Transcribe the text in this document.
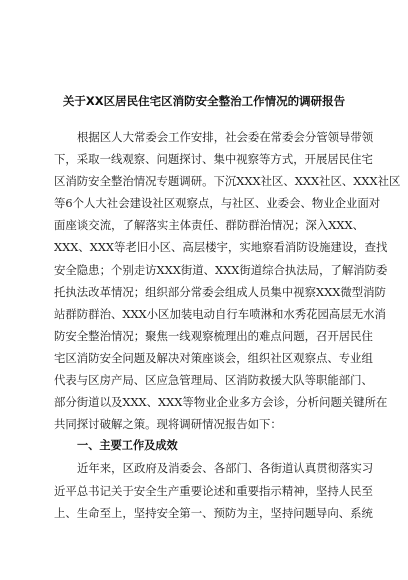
关于XX区居民住宅区消防安全整治工作情况的调研报告
根据区人大常委会工作安排，社会委在常委会分管领导带领
下，采取一线观察、问题探讨、集中视察等方式，开展居民住宅
区消防安全整治情况专题调研。下沉XXX社区、XXX社区、XXX社区
等6个人大社会建设社区观察点，与社区、业委会、物业企业面对
面座谈交流，了解落实主体责任、群防群治情况；深入XXX、
XXX、XXX等老旧小区、高层楼宇，实地察看消防设施建设，查找
安全隐患；个别走访XXX街道、XXX街道综合执法局，了解消防委
托执法改革情况；组织部分常委会组成人员集中视察XXX微型消防
站群防群治、XXX小区加装电动自行车喷淋和水秀花园高层无水消
防安全整治情况；聚焦一线观察梳理出的难点问题，召开居民住
宅区消防安全问题及解决对策座谈会，组织社区观察点、专业组
代表与区房产局、区应急管理局、区消防救援大队等职能部门、
部分街道以及XXX、XXX等物业企业多方会诊，分析问题关键所在
共同探讨破解之策。现将调研情况报告如下：
一、主要工作及成效
近年来，区政府及消委会、各部门、各街道认真贯彻落实习
近平总书记关于安全生产重要论述和重要指示精神，坚持人民至
上、生命至上，坚持安全第一、预防为主，坚持问题导向、系统
